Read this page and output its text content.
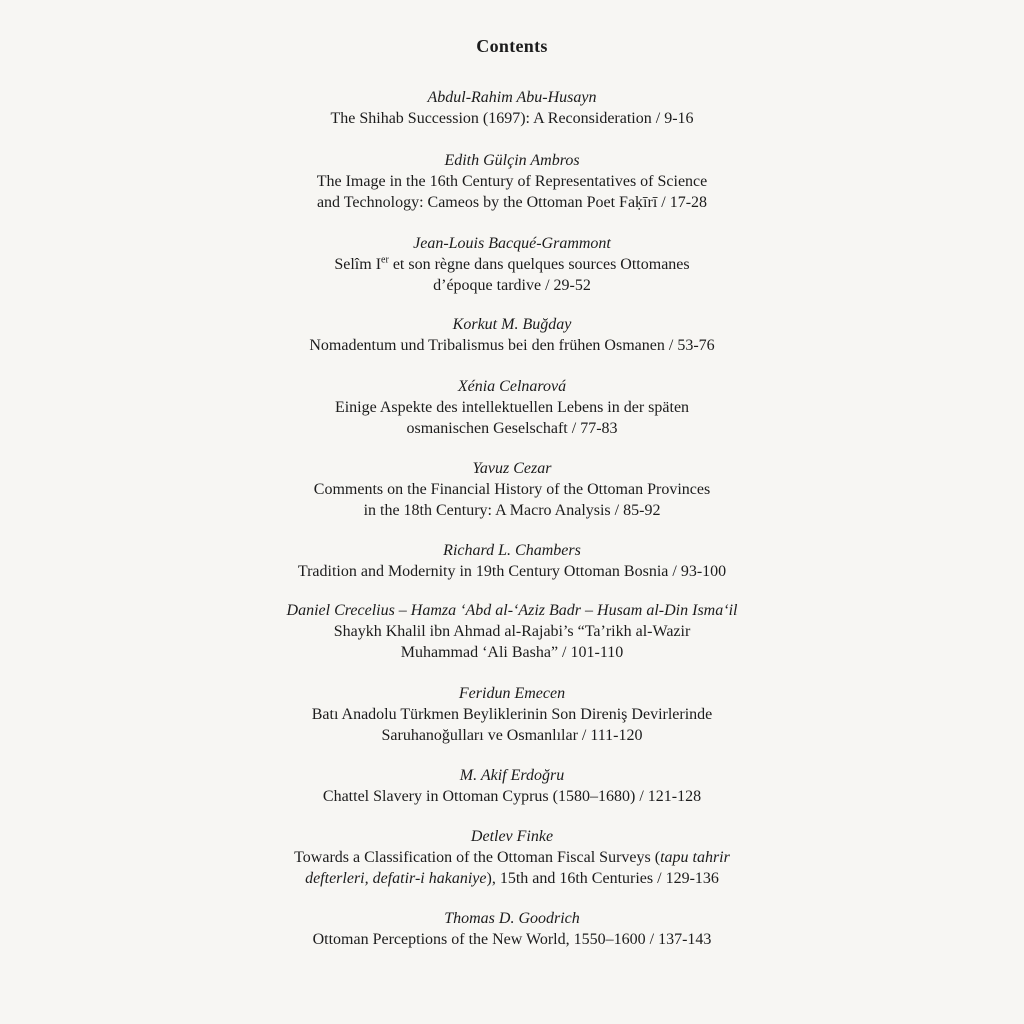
Contents
Abdul-Rahim Abu-Husayn
The Shihab Succession (1697): A Reconsideration / 9-16
Edith Gülçin Ambros
The Image in the 16th Century of Representatives of Science
and Technology: Cameos by the Ottoman Poet Faḳīrī / 17-28
Jean-Louis Bacqué-Grammont
Selîm Ier et son règne dans quelques sources Ottomanes
d’époque tardive / 29-52
Korkut M. Buğday
Nomadentum und Tribalismus bei den frühen Osmanen / 53-76
Xénia Celnarová
Einige Aspekte des intellektuellen Lebens in der späten
osmanischen Geselschaft / 77-83
Yavuz Cezar
Comments on the Financial History of the Ottoman Provinces
in the 18th Century: A Macro Analysis / 85-92
Richard L. Chambers
Tradition and Modernity in 19th Century Ottoman Bosnia / 93-100
Daniel Crecelius – Hamza ‘Abd al-‘Aziz Badr – Husam al-Din Isma‘il
Shaykh Khalil ibn Ahmad al-Rajabi’s “Ta’rikh al-Wazir
Muhammad ‘Ali Basha” / 101-110
Feridun Emecen
Batı Anadolu Türkmen Beyliklerinin Son Direniş Devirlerinde
Saruhanoğulları ve Osmanlılar / 111-120
M. Akif Erdoğru
Chattel Slavery in Ottoman Cyprus (1580–1680) / 121-128
Detlev Finke
Towards a Classification of the Ottoman Fiscal Surveys (tapu tahrir
defterleri, defatir-i hakaniye), 15th and 16th Centuries / 129-136
Thomas D. Goodrich
Ottoman Perceptions of the New World, 1550–1600 / 137-143
